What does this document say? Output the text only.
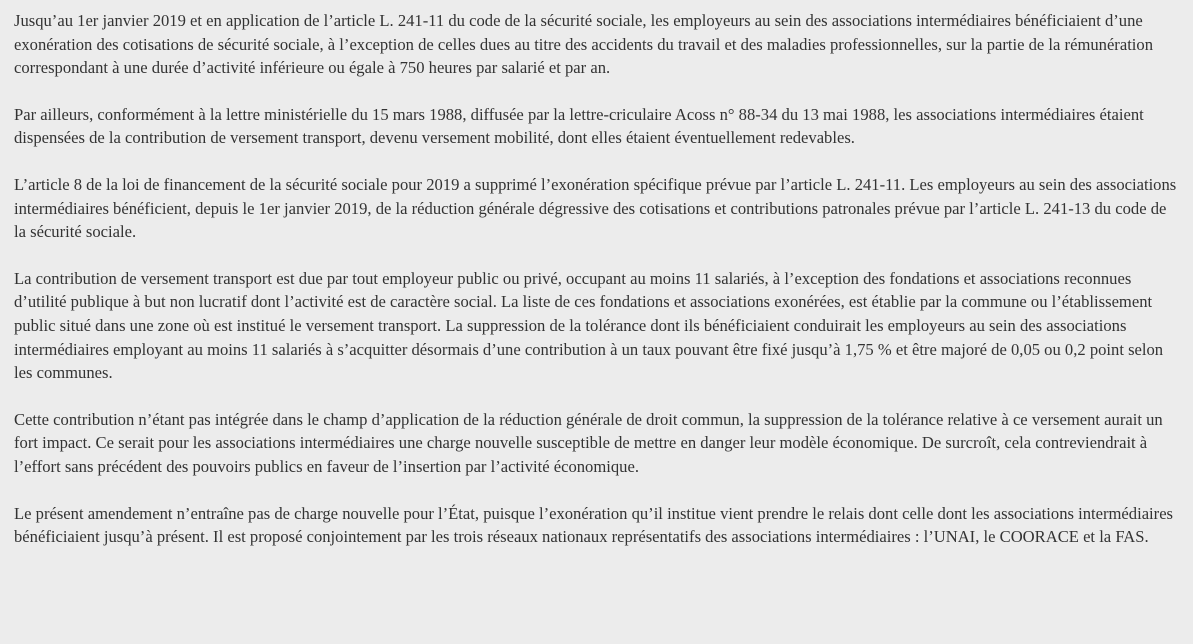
Jusqu’au 1er janvier 2019 et en application de l’article L. 241-11 du code de la sécurité sociale, les employeurs au sein des associations intermédiaires bénéficiaient d’une exonération des cotisations de sécurité sociale, à l’exception de celles dues au titre des accidents du travail et des maladies professionnelles, sur la partie de la rémunération correspondant à une durée d’activité inférieure ou égale à 750 heures par salarié et par an.

Par ailleurs, conformément à la lettre ministérielle du 15 mars 1988, diffusée par la lettre-criculaire Acoss n° 88-34 du 13 mai 1988, les associations intermédiaires étaient dispensées de la contribution de versement transport, devenu versement mobilité, dont elles étaient éventuellement redevables.

L’article 8 de la loi de financement de la sécurité sociale pour 2019 a supprimé l’exonération spécifique prévue par l’article L. 241-11. Les employeurs au sein des associations intermédiaires bénéficient, depuis le 1er janvier 2019, de la réduction générale dégressive des cotisations et contributions patronales prévue par l’article L. 241-13 du code de la sécurité sociale.

La contribution de versement transport est due par tout employeur public ou privé, occupant au moins 11 salariés, à l’exception des fondations et associations reconnues d’utilité publique à but non lucratif dont l’activité est de caractère social. La liste de ces fondations et associations exonérées, est établie par la commune ou l’établissement public situé dans une zone où est institué le versement transport. La suppression de la tolérance dont ils bénéficiaient conduirait les employeurs au sein des associations intermédiaires employant au moins 11 salariés à s’acquitter désormais d’une contribution à un taux pouvant être fixé jusqu’à 1,75 % et être majoré de 0,05 ou 0,2 point selon les communes.

Cette contribution n’étant pas intégrée dans le champ d’application de la réduction générale de droit commun, la suppression de la tolérance relative à ce versement aurait un fort impact. Ce serait pour les associations intermédiaires une charge nouvelle susceptible de mettre en danger leur modèle économique. De surcroît, cela contreviendrait à l’effort sans précédent des pouvoirs publics en faveur de l’insertion par l’activité économique.

Le présent amendement n’entraîne pas de charge nouvelle pour l’État, puisque l’exonération qu’il institue vient prendre le relais dont celle dont les associations intermédiaires bénéficiaient jusqu’à présent. Il est proposé conjointement par les trois réseaux nationaux représentatifs des associations intermédiaires : l’UNAI, le COORACE et la FAS.
